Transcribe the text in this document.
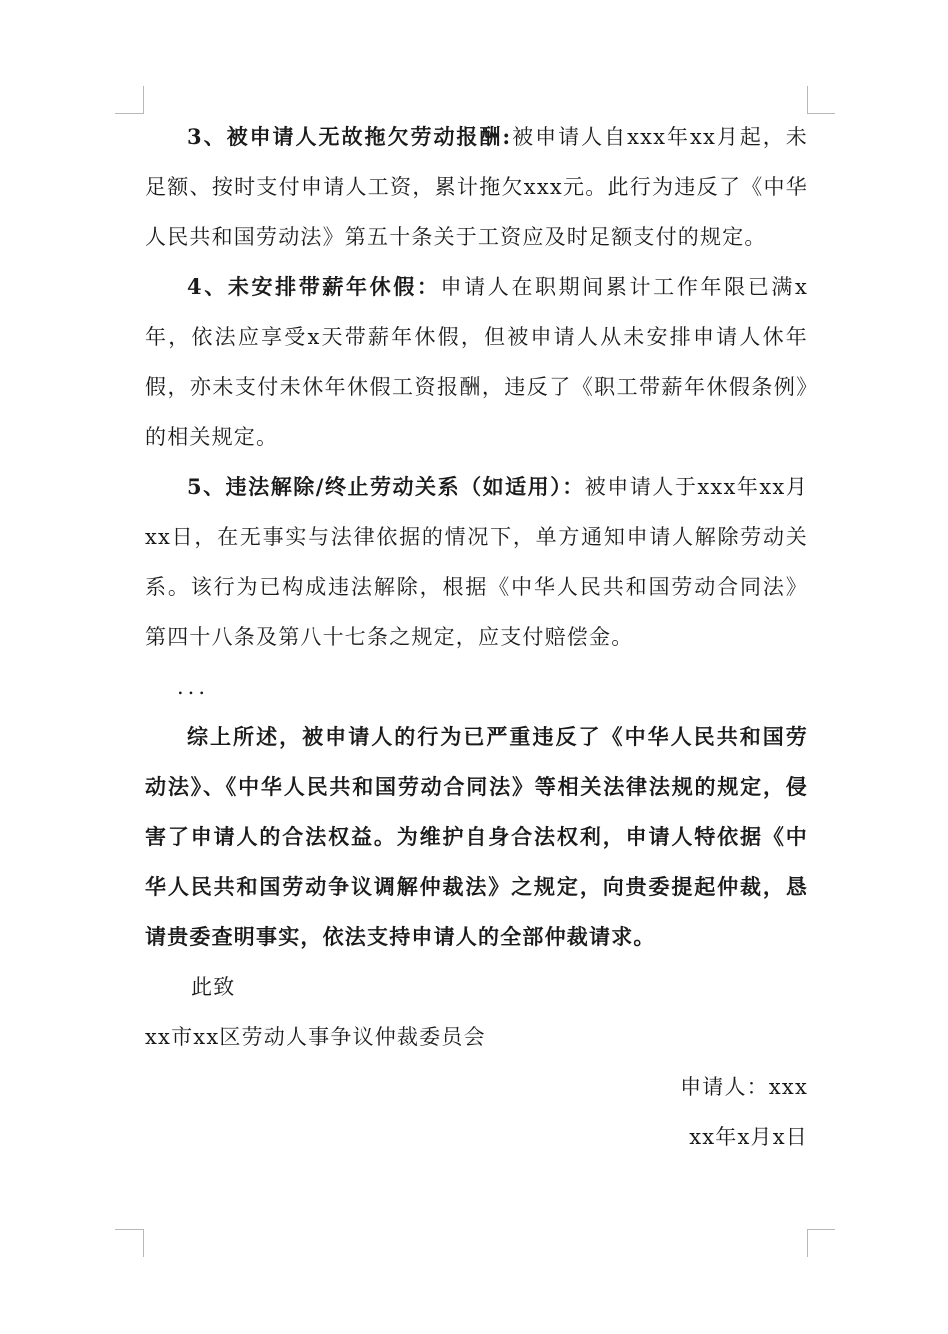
3、被申请人无故拖欠劳动报酬:被申请人自xxx年xx月起，未足额、按时支付申请人工资，累计拖欠xxx元。此行为违反了《中华人民共和国劳动法》第五十条关于工资应及时足额支付的规定。

4、未安排带薪年休假：申请人在职期间累计工作年限已满x年，依法应享受x天带薪年休假，但被申请人从未安排申请人休年假，亦未支付未休年休假工资报酬，违反了《职工带薪年休假条例》的相关规定。

5、违法解除/终止劳动关系（如适用）：被申请人于xxx年xx月xx日，在无事实与法律依据的情况下，单方通知申请人解除劳动关系。该行为已构成违法解除，根据《中华人民共和国劳动合同法》第四十八条及第八十七条之规定，应支付赔偿金。

...

综上所述，被申请人的行为已严重违反了《中华人民共和国劳动法》、《中华人民共和国劳动合同法》等相关法律法规的规定，侵害了申请人的合法权益。为维护自身合法权利，申请人特依据《中华人民共和国劳动争议调解仲裁法》之规定，向贵委提起仲裁，恳请贵委查明事实，依法支持申请人的全部仲裁请求。

此致

xx市xx区劳动人事争议仲裁委员会

申请人：xxx

xx年x月x日
